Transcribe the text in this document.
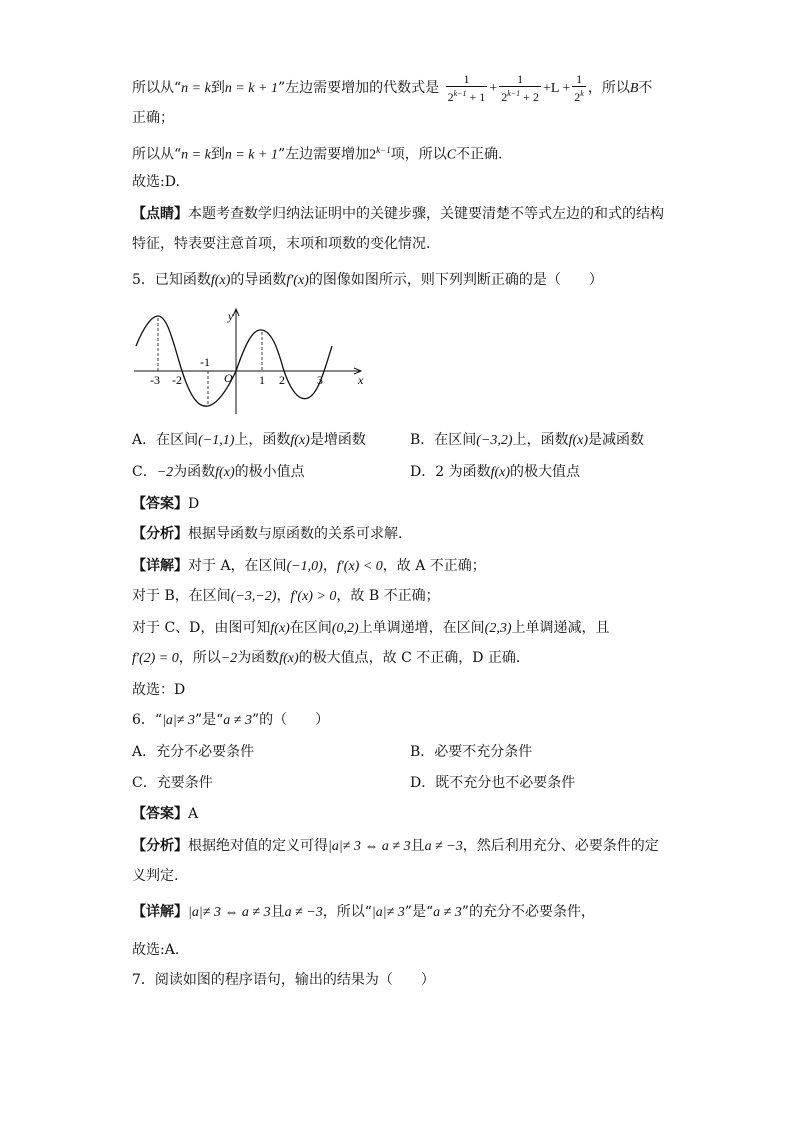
所以从“n = k到n = k + 1”左边需要增加的代数式是 $\frac{1}{2^{k-1} + 1} + \frac{1}{2^{k-1} + 2} +L + \frac{1}{2^k}$ ，所以B不
正确；
所以从“n = k到n = k + 1”左边需要增加$2^{k-1}$项，所以C不正确.
故选:D.
【点睛】本题考查数学归纳法证明中的关键步骤，关键要清楚不等式左边的和式的结构
特征，特表要注意首项，末项和项数的变化情况.
5．已知函数f(x)的导函数f′(x)的图像如图所示，则下列判断正确的是（　　）
x
y
O
-3 -2
-1
1 2	3
A．在区间(−1,1)上，函数f(x)是增函数	B．在区间(−3,2)上，函数f(x)是减函数
C．−2为函数f(x)的极小值点	D．2 为函数f(x)的极大值点
【答案】D
【分析】根据导函数与原函数的关系可求解.
【详解】对于 A，在区间(−1,0)，f′(x) < 0，故 A 不正确；
对于 B，在区间(−3,−2)，f′(x) > 0，故 B 不正确；
对于 C、D，由图可知f(x)在区间(0,2)上单调递增，在区间(2,3)上单调递减，且
f′(2) = 0，所以−2为函数f(x)的极大值点，故 C 不正确，D 正确.
故选：D
6．“|a|≠ 3”是“a ≠ 3”的（　　）
A．充分不必要条件	B．必要不充分条件
C．充要条件	D．既不充分也不必要条件
【答案】A
【分析】根据绝对值的定义可得|a|≠ 3 ⇔ a ≠ 3且a ≠ −3，然后利用充分、必要条件的定
义判定.
【详解】|a|≠ 3 ⇔ a ≠ 3且a ≠ −3，所以“|a|≠ 3”是“a ≠ 3”的充分不必要条件，
故选:A.
7．阅读如图的程序语句，输出的结果为（　　）
